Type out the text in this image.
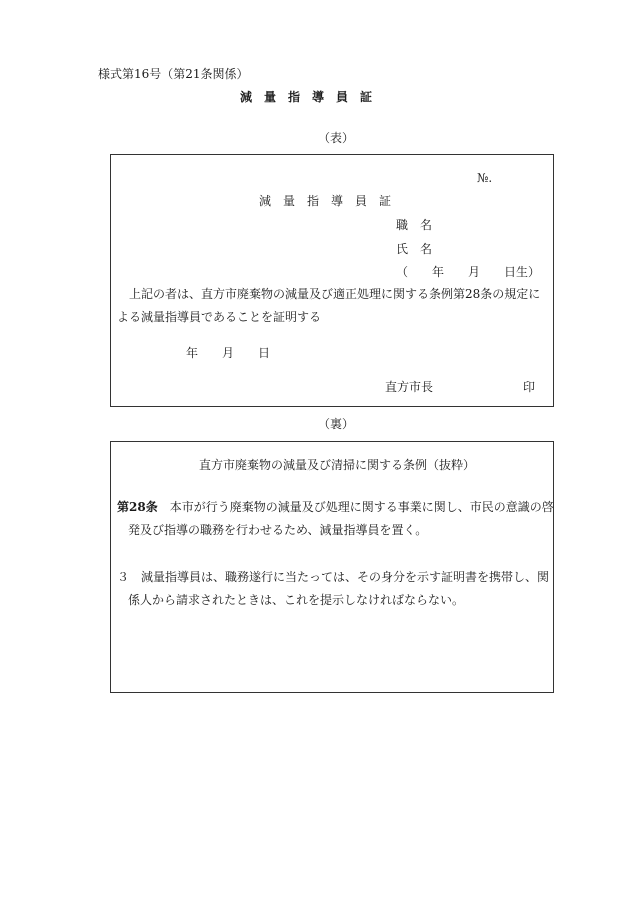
様式第16号（第21条関係）
減　量　指　導　員　証
（表）
№.
減　量　指　導　員　証
職　名
氏　名
（　　年　　月　　日生）
　上記の者は、直方市廃棄物の減量及び適正処理に関する条例第28条の規定による減量指導員であることを証明する
年　　月　　日
直方市長	印
（裏）
直方市廃棄物の減量及び清掃に関する条例（抜粋）
第28条　本市が行う廃棄物の減量及び処理に関する事業に関し、市民の意識の啓発及び指導の職務を行わせるため、減量指導員を置く。
３　減量指導員は、職務遂行に当たっては、その身分を示す証明書を携帯し、関係人から請求されたときは、これを提示しなければならない。
